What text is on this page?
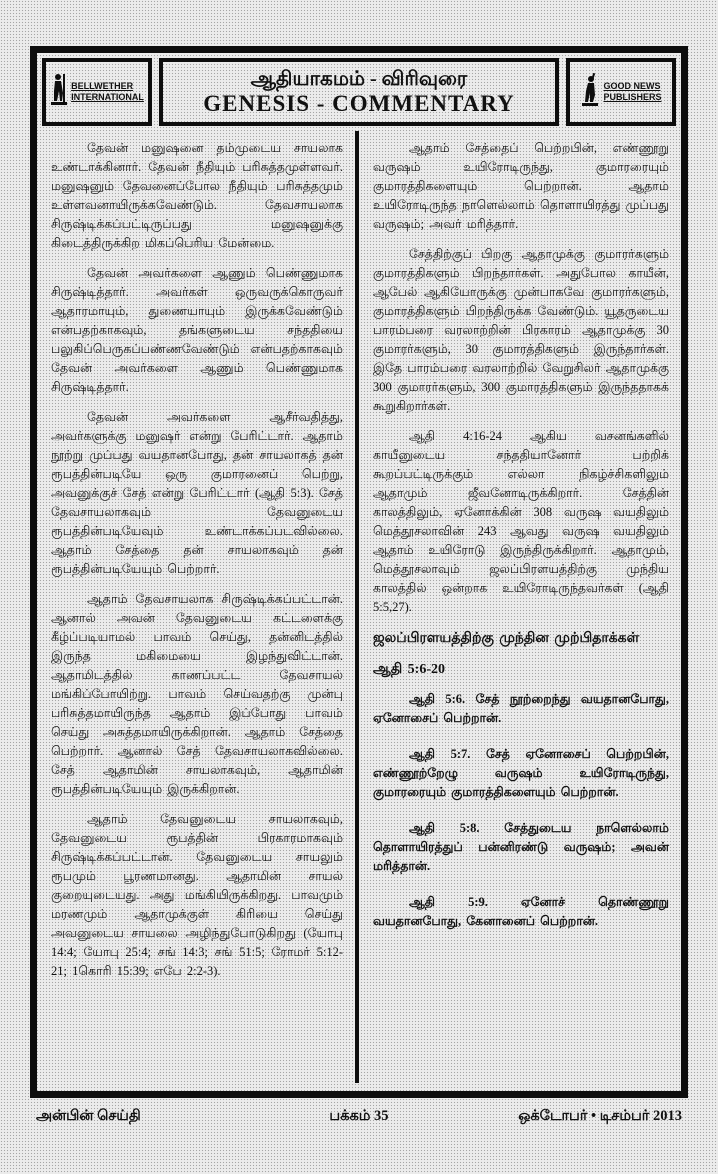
BELLWETHER
INTERNATIONAL
ஆதியாகமம் - விரிவுரை
GENESIS - COMMENTARY
GOOD NEWS
PUBLISHERS

தேவன் மனுஷனை தம்முடைய சாயலாக உண்டாக்கினார். தேவன் நீதியும் பரிசுத்தமுள்ளவர். மனுஷனும் தேவனைப்போல நீதியும் பரிசுத்தமும் உள்ளவனாயிருக்கவேண்டும். தேவசாயலாக சிருஷ்டிக்கப்பட்டிருப்பது மனுஷனுக்கு கிடைத்திருக்கிற மிகப்பெரிய மேன்மை.

தேவன் அவர்களை ஆணும் பெண்ணுமாக சிருஷ்டித்தார். அவர்கள் ஒருவருக்கொருவர் ஆதாரமாயும், துணையாயும் இருக்கவேண்டும் என்பதற்காகவும், தங்களுடைய சந்ததியை பலுகிப்பெருகப்பண்ணவேண்டும் என்பதற்காகவும் தேவன் அவர்களை ஆணும் பெண்ணுமாக சிருஷ்டித்தார்.

தேவன் அவர்களை ஆசீர்வதித்து, அவர்களுக்கு மனுஷர் என்று பேரிட்டார். ஆதாம் நூற்று முப்பது வயதானபோது, தன் சாயலாகத் தன் ரூபத்தின்படியே ஒரு குமாரனைப் பெற்று, அவனுக்குச் சேத் என்று பேரிட்டார் (ஆதி 5:3). சேத் தேவசாயலாகவும் தேவனுடைய ரூபத்தின்படியேவும் உண்டாக்கப்படவில்லை. ஆதாம் சேத்தை தன் சாயலாகவும் தன் ரூபத்தின்படியேயும் பெற்றார்.

ஆதாம் தேவசாயலாக சிருஷ்டிக்கப்பட்டான். ஆனால் அவன் தேவனுடைய கட்டளைக்கு கீழ்ப்படியாமல் பாவம் செய்து, தன்னிடத்தில் இருந்த மகிமையை இழந்துவிட்டான். ஆதாமிடத்தில் காணப்பட்ட தேவசாயல் மங்கிப்போயிற்று. பாவம் செய்வதற்கு முன்பு பரிசுத்தமாயிருந்த ஆதாம் இப்போது பாவம் செய்து அசுத்தமாயிருக்கிறான். ஆதாம் சேத்தை பெற்றார். ஆனால் சேத் தேவசாயலாகவில்லை. சேத் ஆதாமின் சாயலாகவும், ஆதாமின் ரூபத்தின்படியேயும் இருக்கிறான்.

ஆதாம் தேவனுடைய சாயலாகவும், தேவனுடைய ரூபத்தின் பிரகாரமாகவும் சிருஷ்டிக்கப்பட்டான். தேவனுடைய சாயலும் ரூபமும் பூரணமானது. ஆதாமின் சாயல் குறையுடையது. அது மங்கியிருக்கிறது. பாவமும் மரணமும் ஆதாமுக்குள் கிரியை செய்து அவனுடைய சாயலை அழிந்துபோடுகிறது (யோபு 14:4; யோபு 25:4; சங் 14:3; சங் 51:5; ரோமர் 5:12-21; 1கொரி 15:39; எபே 2:2-3).

ஆதாம் சேத்தைப் பெற்றபின், எண்ணூறு வருஷம் உயிரோடிருந்து, குமாரரையும் குமாரத்திகளையும் பெற்றான். ஆதாம் உயிரோடிருந்த நாளெல்லாம் தொளாயிரத்து முப்பது வருஷம்; அவர் மரித்தார்.

சேத்திற்குப் பிறகு ஆதாமுக்கு குமாரர்களும் குமாரத்திகளும் பிறந்தார்கள். அதுபோல காயீன், ஆபேல் ஆகியோருக்கு முன்பாகவே குமாரர்களும், குமாரத்திகளும் பிறந்திருக்க வேண்டும். யூதருடைய பாரம்பரை வரலாற்றின் பிரகாரம் ஆதாமுக்கு 30 குமாரர்களும், 30 குமாரத்திகளும் இருந்தார்கள். இதே பாரம்பரை வரலாற்றில் வேறுசிலர் ஆதாமுக்கு 300 குமாரர்களும், 300 குமாரத்திகளும் இருந்ததாகக் கூறுகிறார்கள்.

ஆதி 4:16-24 ஆகிய வசனங்களில் காயீனுடைய சந்ததியானோர் பற்றிக் கூறப்பட்டிருக்கும் எல்லா நிகழ்ச்சிகளிலும் ஆதாமும் ஜீவனோடிருக்கிறார். சேத்தின் காலத்திலும், ஏனோக்கின் 308 வருஷ வயதிலும் மெத்தூசலாவின் 243 ஆவது வருஷ வயதிலும் ஆதாம் உயிரோடு இருந்திருக்கிறார். ஆதாமும், மெத்தூசலாவும் ஜலப்பிரளயத்திற்கு முந்திய காலத்தில் ஒன்றாக உயிரோடிருந்தவர்கள் (ஆதி 5:5,27).

ஜலப்பிரளயத்திற்கு முந்தின முற்பிதாக்கள்

ஆதி 5:6-20

ஆதி 5:6. சேத் நூற்றைந்து வயதானபோது, ஏனோசைப் பெற்றான்.

ஆதி 5:7. சேத் ஏனோசைப் பெற்றபின், எண்ணூற்றேழு வருஷம் உயிரோடிருந்து, குமாரரையும் குமாரத்திகளையும் பெற்றான்.

ஆதி 5:8. சேத்துடைய நாளெல்லாம் தொளாயிரத்துப் பன்னிரண்டு வருஷம்; அவன் மரித்தான்.

ஆதி 5:9. ஏனோச் தொண்ணூறு வயதானபோது, கேனானைப் பெற்றான்.

அன்பின் செய்தி	பக்கம் 35	ஒக்டோபர் • டிசம்பர் 2013
